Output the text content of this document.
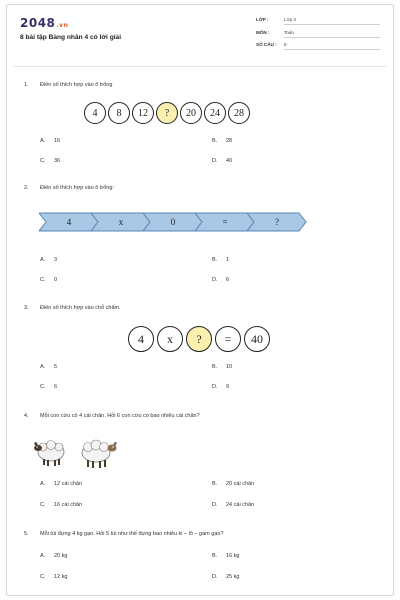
2048.vn
8 bài tập Bảng nhân 4 có lời giải
LỚP :	Lớp 3
MÔN :	Toán
SỐ CÂU : 8
1. Điền số thích hợp vào ô trống
4	8	12	?	20	24	28
A. 16	B. 28
C. 36	D. 40
2. Điền số thích hợp vào ô trống:
4	x	0	=	?
A. 3	B. 1
C. 0	D. 6
3. Điền số thích hợp vào chỗ chấm.
4	x	?	=	40
A. 5	B. 10
C. 6	D. 9
4. Mỗi con cừu có 4 cái chân. Hỏi 6 con cừu có bao nhiêu cái chân?
A. 12 cái chân	B. 20 cái chân
C. 16 cái chân	D. 24 cái chân
5. Mỗi túi đựng 4 kg gạo. Hỏi 5 túi như thế đựng bao nhiêu ki – lô – gam gạo?
A. 20 kg	B. 16 kg
C. 12 kg	D. 25 kg
